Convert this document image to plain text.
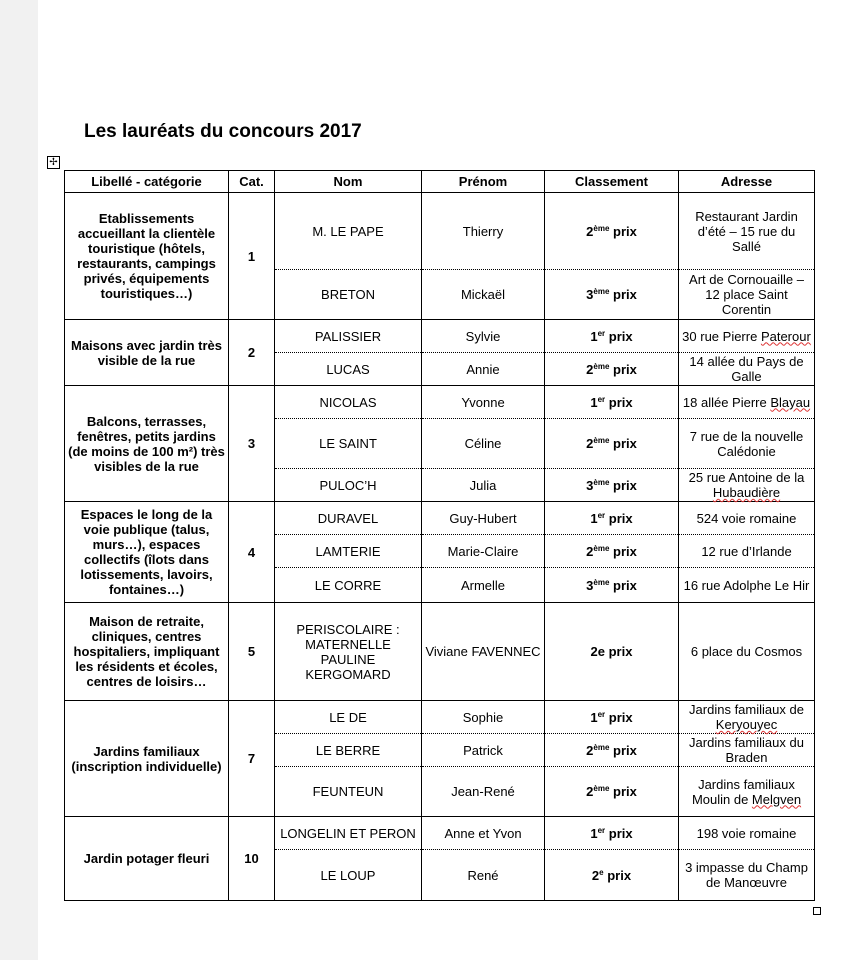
Les lauréats du concours 2017
✢
Libellé - catégorie	Cat.	Nom	Prénom	Classement	Adresse
Etablissements accueillant la clientèle touristique (hôtels, restaurants, campings privés, équipements touristiques…)	1	M. LE PAPE	Thierry	2ème prix	Restaurant Jardin d’été – 15 rue du Sallé
		BRETON	Mickaël	3ème prix	Art de Cornouaille – 12 place Saint Corentin
Maisons avec jardin très visible de la rue	2	PALISSIER	Sylvie	1er prix	30 rue Pierre Paterour
		LUCAS	Annie	2ème prix	14 allée du Pays de Galle
Balcons, terrasses, fenêtres, petits jardins (de moins de 100 m²) très visibles de la rue	3	NICOLAS	Yvonne	1er prix	18 allée Pierre Blayau
		LE SAINT	Céline	2ème prix	7 rue de la nouvelle Calédonie
		PULOC’H	Julia	3ème prix	25 rue Antoine de la Hubaudière
Espaces le long de la voie publique (talus, murs…), espaces collectifs (îlots dans lotissements, lavoirs, fontaines…)	4	DURAVEL	Guy-Hubert	1er prix	524 voie romaine
		LAMTERIE	Marie-Claire	2ème prix	12 rue d’Irlande
		LE CORRE	Armelle	3ème prix	16 rue Adolphe Le Hir
Maison de retraite, cliniques, centres hospitaliers, impliquant les résidents et écoles, centres de loisirs…	5	PERISCOLAIRE : MATERNELLE PAULINE KERGOMARD	Viviane FAVENNEC	2e prix	6 place du Cosmos
Jardins familiaux (inscription individuelle)	7	LE DE	Sophie	1er prix	Jardins familiaux de Keryouyec
		LE BERRE	Patrick	2ème prix	Jardins familiaux du Braden
		FEUNTEUN	Jean-René	2ème prix	Jardins familiaux Moulin de Melgven
Jardin potager fleuri	10	LONGELIN ET PERON	Anne et Yvon	1er prix	198 voie romaine
		LE LOUP	René	2e prix	3 impasse du Champ de Manœuvre
